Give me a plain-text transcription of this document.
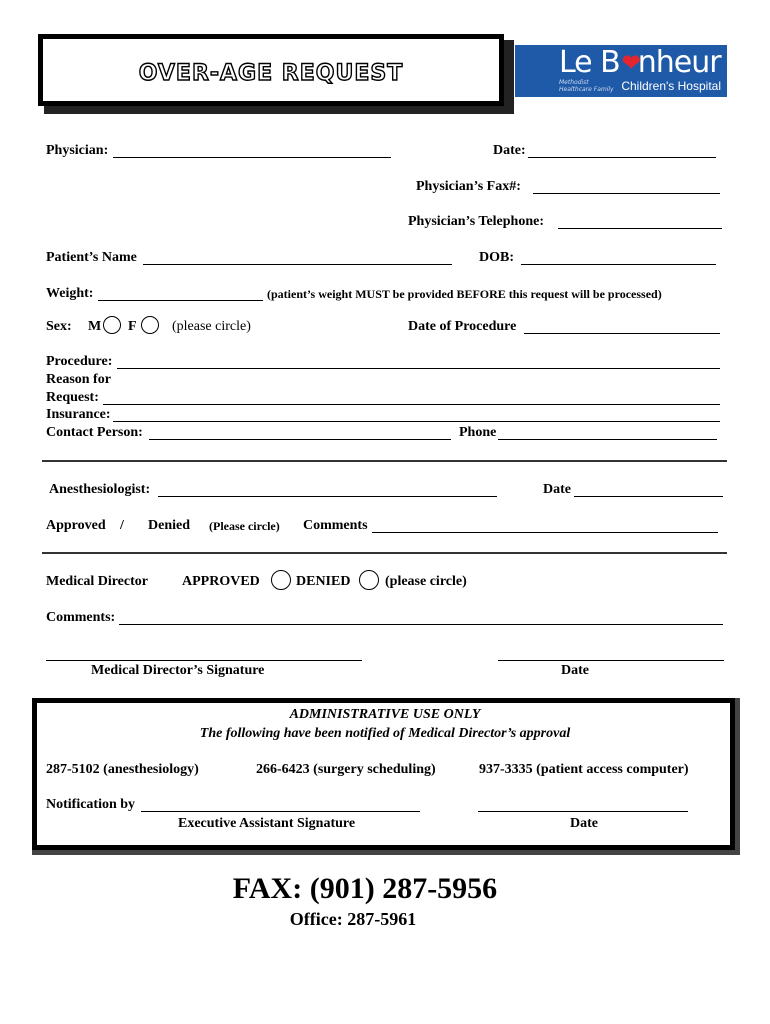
OVER-AGE REQUEST	Le B nheur
❤
Methodist Healthcare Family Children's Hospital
Physician:	Date:
Physician’s Fax#:
Physician’s Telephone:
Patient’s Name	DOB:
Weight:	(patient’s weight MUST be provided BEFORE this request will be processed)
Sex: M F	(please circle)	Date of Procedure
Procedure:
Reason for
Request:
Insurance:
Contact Person:	Phone
Anesthesiologist:	Date
Approved / Denied (Please circle) Comments
Medical Director APPROVED	DENIED (please circle)
Comments:
Medical Director’s Signature	Date
ADMINISTRATIVE USE ONLY
The following have been notified of Medical Director’s approval
287-5102 (anesthesiology)	266-6423 (surgery scheduling)	937-3335 (patient access computer)
Notification by
Executive Assistant Signature	Date
FAX: (901) 287-5956
Office: 287-5961
